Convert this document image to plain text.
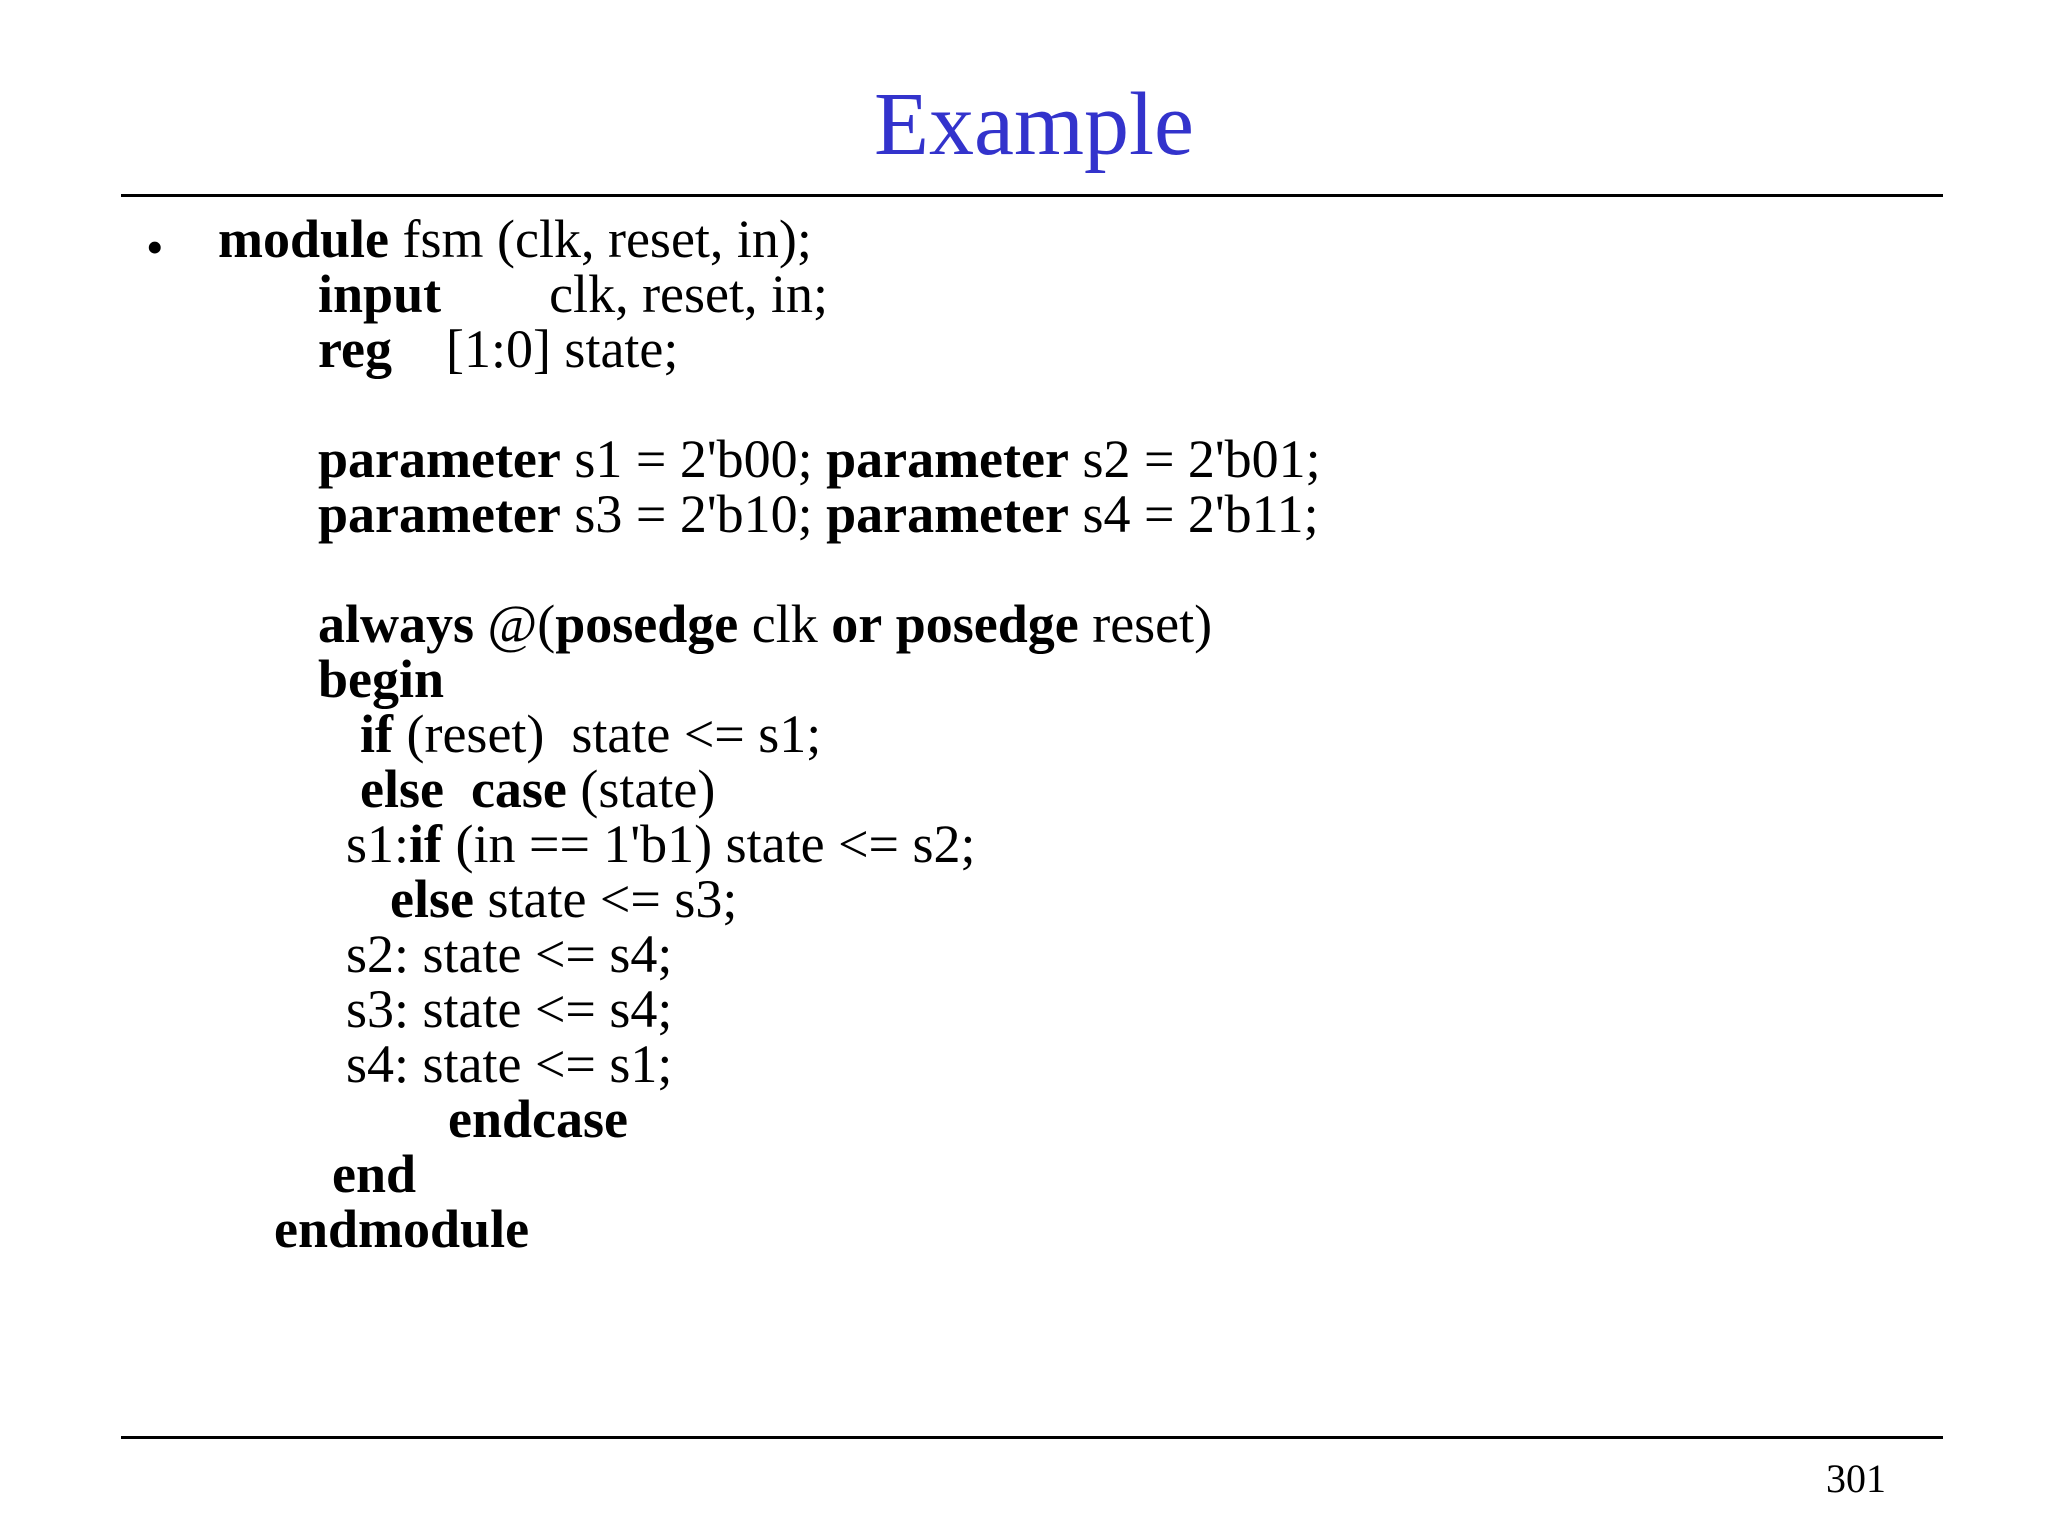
Example
• module fsm (clk, reset, in);
input        clk, reset, in;
reg    [1:0] state;
parameter s1 = 2'b00; parameter s2 = 2'b01;
parameter s3 = 2'b10; parameter s4 = 2'b11;
always @(posedge clk or posedge reset)
begin
if (reset)  state <= s1;
else case (state)
s1:if (in == 1'b1) state <= s2;
else state <= s3;
s2: state <= s4;
s3: state <= s4;
s4: state <= s1;
endcase
end
endmodule
301
